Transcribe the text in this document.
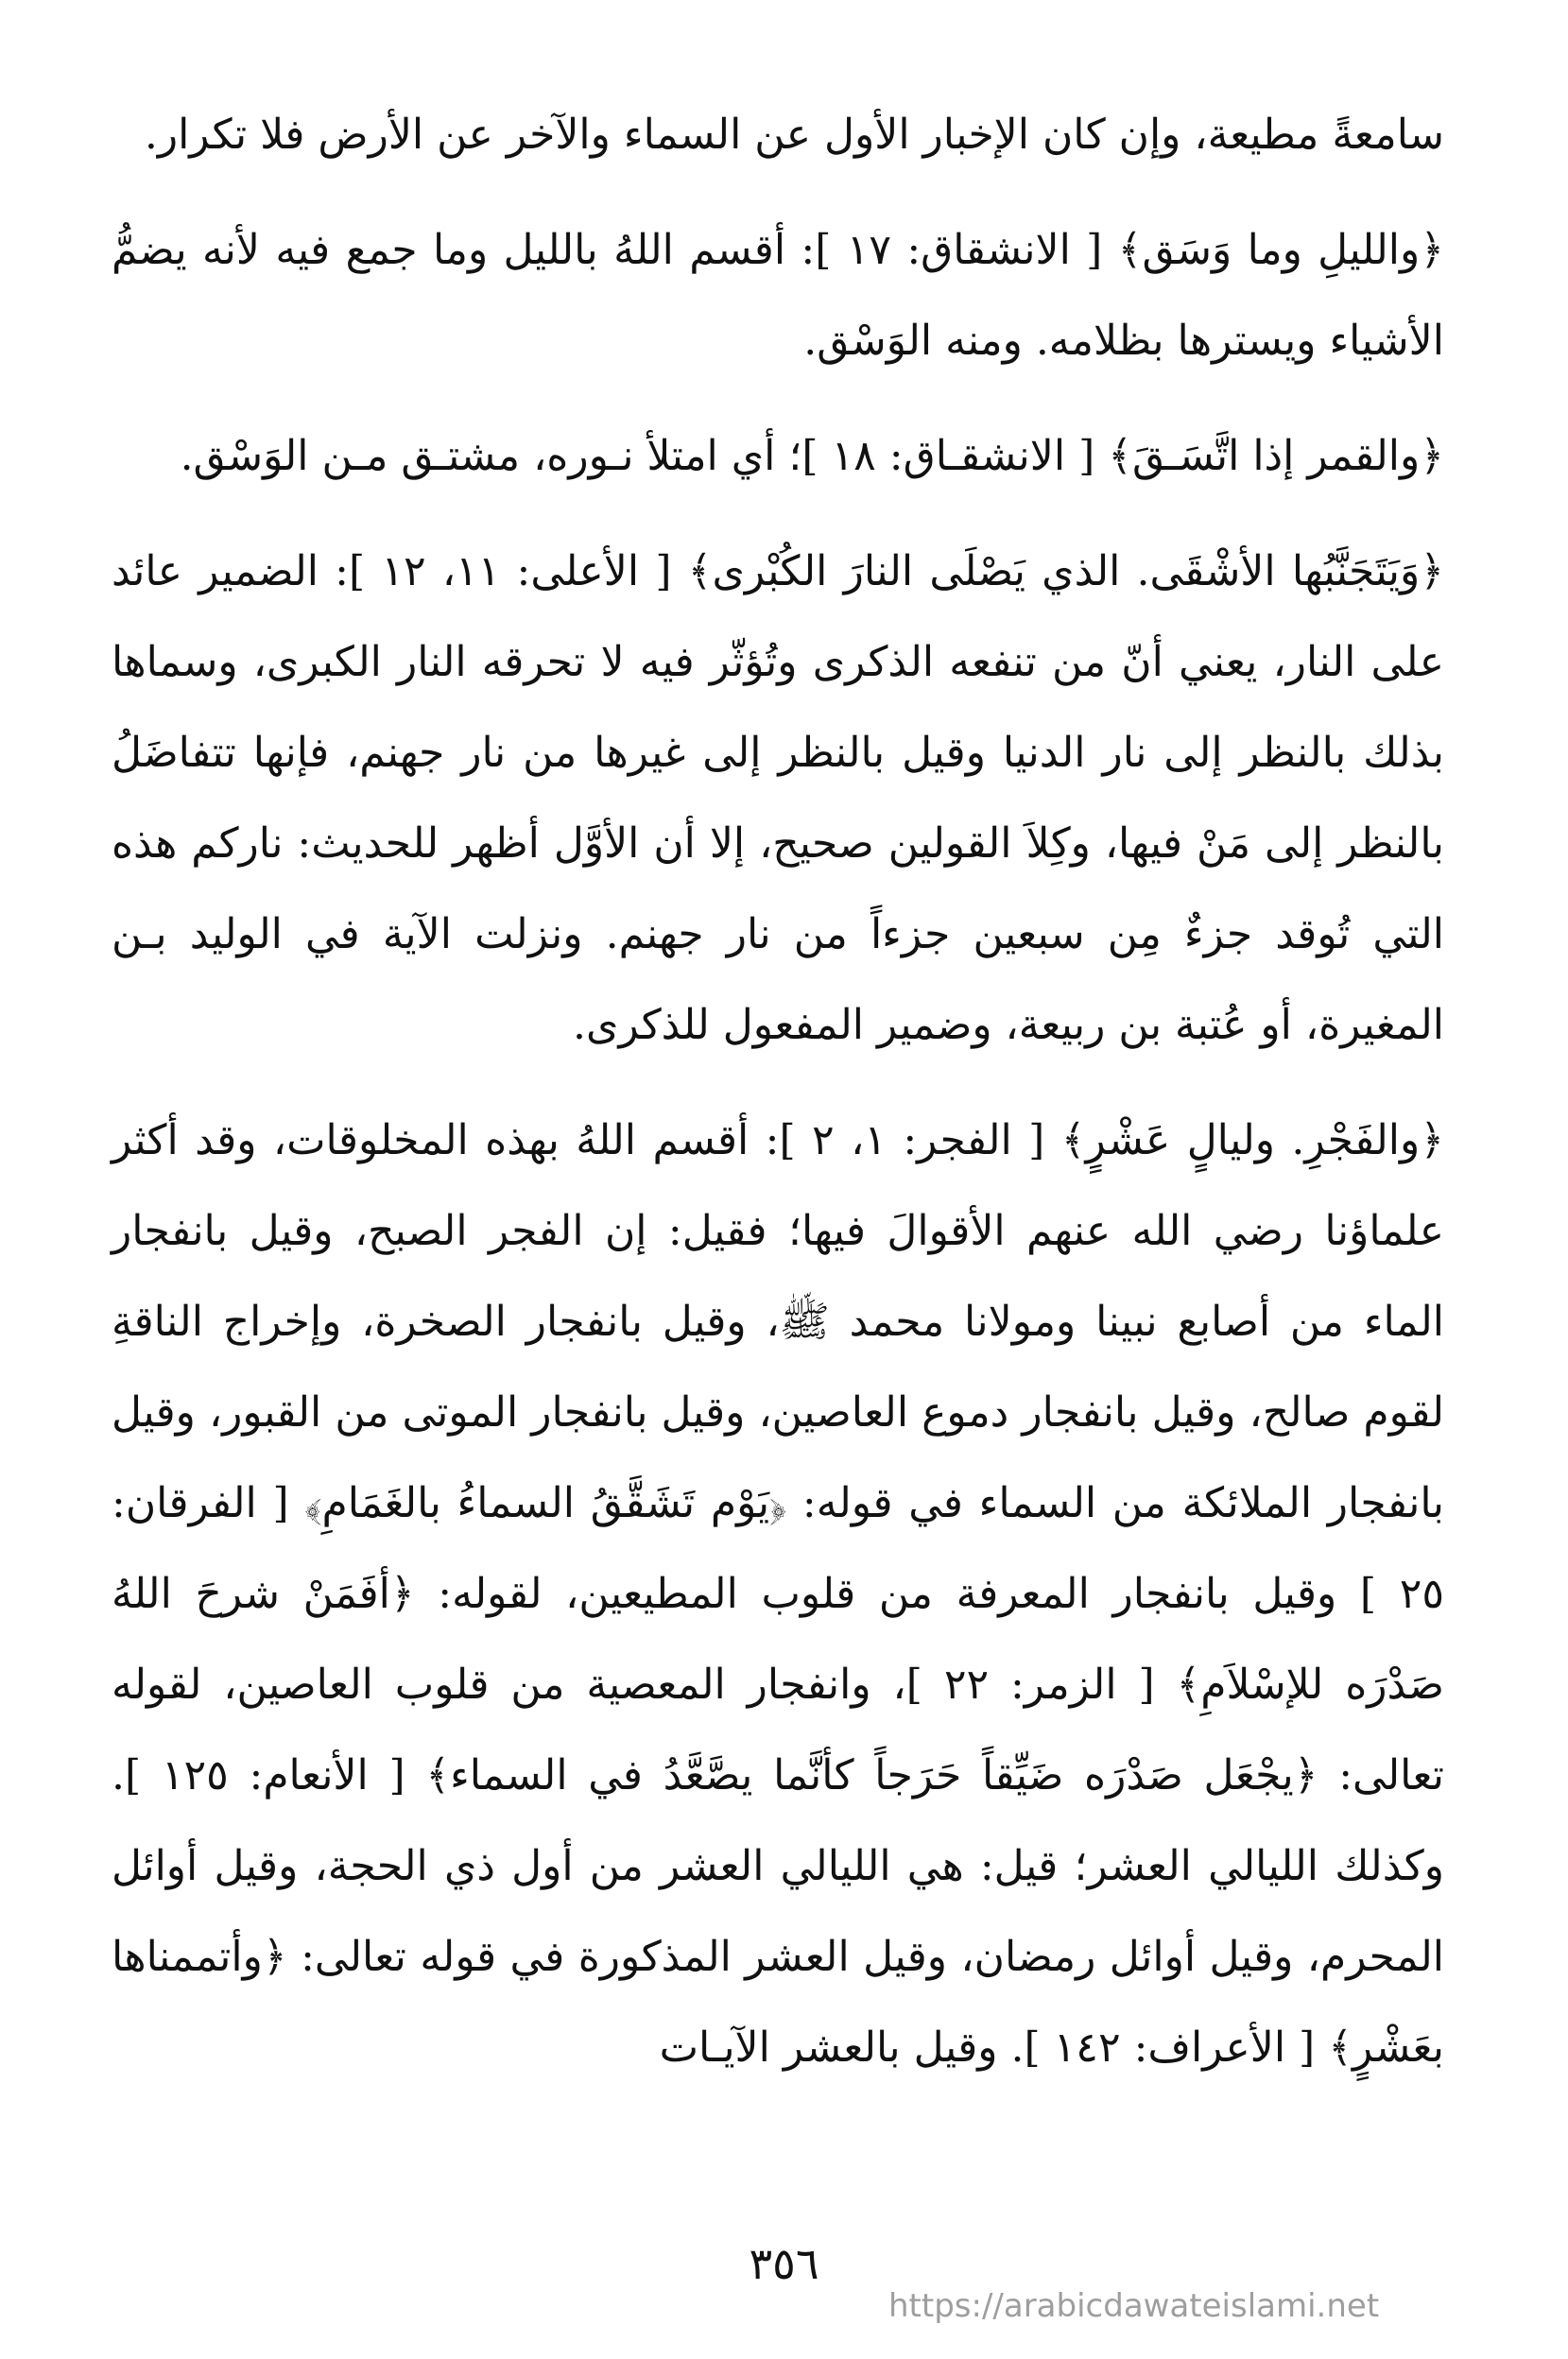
سامعةً مطيعة، وإن كان الإخبار الأول عن السماء والآخر عن الأرض فلا تكرار.

﴿والليلِ وما وَسَق﴾ [ الانشقاق: ١٧ ]: أقسم اللهُ بالليل وما جمع فيه لأنه يضمُّ الأشياء ويسترها بظلامه. ومنه الوَسْق.

﴿والقمر إذا اتَّسَـقَ﴾ [ الانشقـاق: ١٨ ]؛ أي امتلأ نـوره، مشتـق مـن الوَسْق.

﴿وَيَتَجَنَّبُها الأشْقَى. الذي يَصْلَى النارَ الكُبْرى﴾ [ الأعلى: ١١، ١٢ ]: الضمير عائد على النار، يعني أنّ من تنفعه الذكرى وتُؤثّر فيه لا تحرقه النار الكبرى، وسماها بذلك بالنظر إلى نار الدنيا وقيل بالنظر إلى غيرها من نار جهنم، فإنها تتفاضَلُ بالنظر إلى مَنْ فيها، وكِلاَ القولين صحيح، إلا أن الأوَّل أظهر للحديث: ناركم هذه التي تُوقد جزءٌ مِن سبعين جزءاً من نار جهنم. ونزلت الآية في الوليد بـن المغيرة، أو عُتبة بن ربيعة، وضمير المفعول للذكرى.

﴿والفَجْرِ. وليالٍ عَشْرٍ﴾ [ الفجر: ١، ٢ ]: أقسم اللهُ بهذه المخلوقات، وقد أكثر علماؤنا رضي الله عنهم الأقوالَ فيها؛ فقيل: إن الفجر الصبح، وقيل بانفجار الماء من أصابع نبينا ومولانا محمد ﷺ، وقيل بانفجار الصخرة، وإخراج الناقةِ لقوم صالح، وقيل بانفجار دموع العاصين، وقيل بانفجار الموتى من القبور، وقيل بانفجار الملائكة من السماء في قوله: ﴿يَوْم تَشَقَّقُ السماءُ بالغَمَامِ﴾ [ الفرقان: ٢٥ ] وقيل بانفجار المعرفة من قلوب المطيعين، لقوله: ﴿أفَمَنْ شرحَ اللهُ صَدْرَه للإسْلاَمِ﴾ [ الزمر: ٢٢ ]، وانفجار المعصية من قلوب العاصين، لقوله تعالى: ﴿يجْعَل صَدْرَه ضَيِّقاً حَرَجاً كأنَّما يصَّعَّدُ في السماء﴾ [ الأنعام: ١٢٥ ]. وكذلك الليالي العشر؛ قيل: هي الليالي العشر من أول ذي الحجة، وقيل أوائل المحرم، وقيل أوائل رمضان، وقيل العشر المذكورة في قوله تعالى: ﴿وأتممناها بعَشْرٍ﴾ [ الأعراف: ١٤٢ ]. وقيل بالعشر الآيـات

٣٥٦
https://arabicdawateislami.net
